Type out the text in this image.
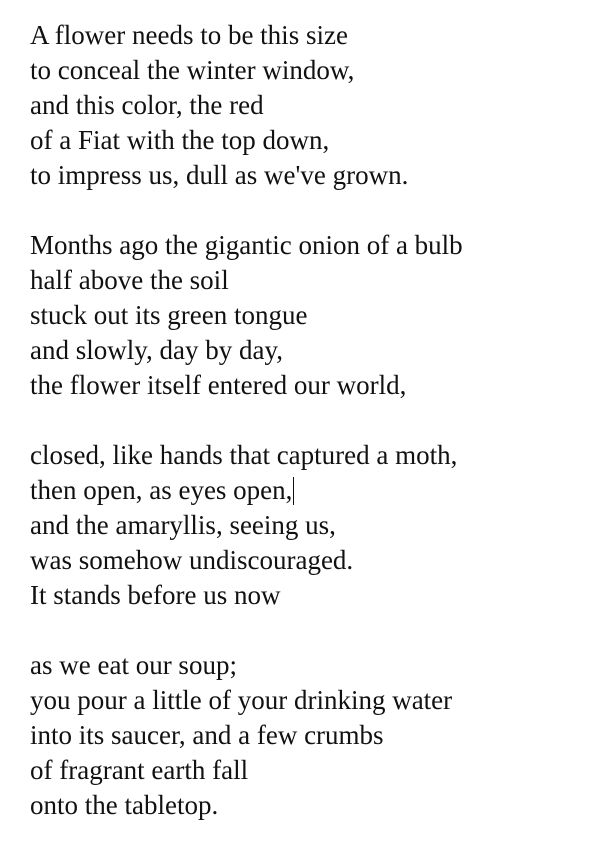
A flower needs to be this size
to conceal the winter window,
and this color, the red
of a Fiat with the top down,
to impress us, dull as we've grown.
Months ago the gigantic onion of a bulb
half above the soil
stuck out its green tongue
and slowly, day by day,
the flower itself entered our world,
closed, like hands that captured a moth,
then open, as eyes open,
and the amaryllis, seeing us,
was somehow undiscouraged.
It stands before us now
as we eat our soup;
you pour a little of your drinking water
into its saucer, and a few crumbs
of fragrant earth fall
onto the tabletop.
